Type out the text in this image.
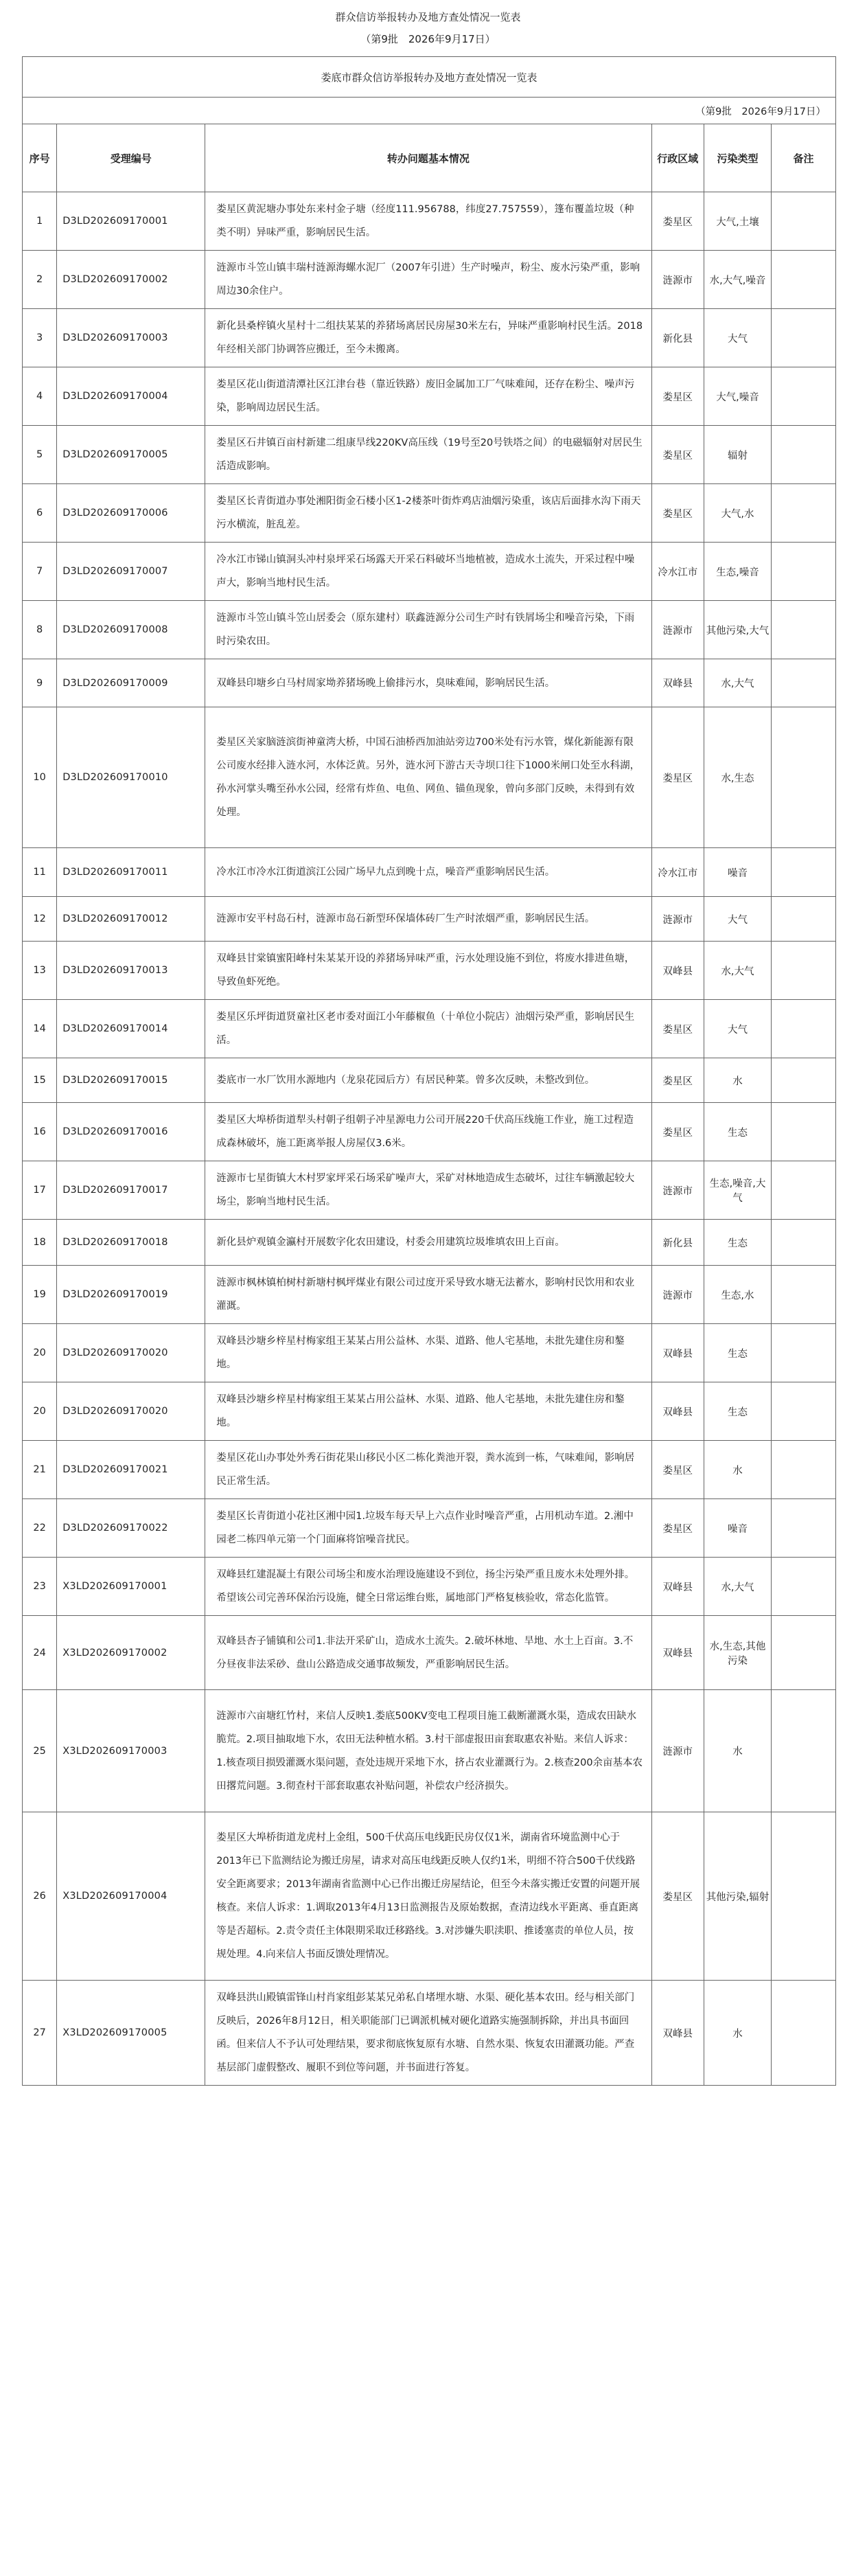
群众信访举报转办及地方查处情况一览表
（第9批　2026年9月17日）
娄底市群众信访举报转办及地方查处情况一览表					
（第9批　2026年9月17日）					
序号	受理编号	转办问题基本情况	行政区域	污染类型	备注
1	D3LD202609170001	娄星区黄泥塘办事处东来村金子塘（经度111.956788，纬度27.757559），篷布覆盖垃圾（种类不明）异味严重，影响居民生活。	娄星区	大气,土壤	
2	D3LD202609170002	涟源市斗笠山镇丰瑞村涟源海螺水泥厂（2007年引进）生产时噪声，粉尘、废水污染严重，影响周边30余住户。	涟源市	水,大气,噪音	
3	D3LD202609170003	新化县桑梓镇火星村十二组扶某某的养猪场离居民房屋30米左右，异味严重影响村民生活。2018年经相关部门协调答应搬迁，至今未搬离。	新化县	大气	
4	D3LD202609170004	娄星区花山街道清潭社区江津台巷（靠近铁路）废旧金属加工厂气味难闻，还存在粉尘、噪声污染，影响周边居民生活。	娄星区	大气,噪音	
5	D3LD202609170005	娄星区石井镇百亩村新建二组康旱线220KV高压线（19号至20号铁塔之间）的电磁辐射对居民生活造成影响。	娄星区	辐射	
6	D3LD202609170006	娄星区长青街道办事处湘阳街金石楼小区1-2楼茶叶街炸鸡店油烟污染重，该店后面排水沟下雨天污水横流，脏乱差。	娄星区	大气,水	
7	D3LD202609170007	冷水江市锑山镇洞头冲村泉坪采石场露天开采石料破坏当地植被，造成水土流失，开采过程中噪声大，影响当地村民生活。	冷水江市	生态,噪音	
8	D3LD202609170008	涟源市斗笠山镇斗笠山居委会（原东建村）联鑫涟源分公司生产时有铁屑场尘和噪音污染，下雨时污染农田。	涟源市	其他污染,大气	
9	D3LD202609170009	双峰县印塘乡白马村周家坳养猪场晚上偷排污水，臭味难闻，影响居民生活。	双峰县	水,大气	
10	D3LD202609170010	娄星区关家脑涟滨街神童湾大桥，中国石油桥西加油站旁边700米处有污水管，煤化新能源有限公司废水经排入涟水河，水体泛黄。另外，涟水河下游古天寺坝口往下1000米闸口处至水科湖，孙水河掌头嘴至孙水公园，经常有炸鱼、电鱼、网鱼、锚鱼现象，曾向多部门反映，未得到有效处理。	娄星区	水,生态	
11	D3LD202609170011	冷水江市冷水江街道滨江公园广场早九点到晚十点，噪音严重影响居民生活。	冷水江市	噪音	
12	D3LD202609170012	涟源市安平村岛石村，涟源市岛石新型环保墙体砖厂生产时浓烟严重，影响居民生活。	涟源市	大气	
13	D3LD202609170013	双峰县甘棠镇蜜阳峰村朱某某开设的养猪场异味严重，污水处理设施不到位，将废水排进鱼塘，导致鱼虾死绝。	双峰县	水,大气	
14	D3LD202609170014	娄星区乐坪街道贤童社区老市委对面江小年藤椒鱼（十单位小院店）油烟污染严重，影响居民生活。	娄星区	大气	
15	D3LD202609170015	娄底市一水厂饮用水源地内（龙泉花园后方）有居民种菜。曾多次反映，未整改到位。	娄星区	水	
16	D3LD202609170016	娄星区大埠桥街道犁头村朝子组朝子冲星源电力公司开展220千伏高压线施工作业，施工过程造成森林破坏，施工距离举报人房屋仅3.6米。	娄星区	生态	
17	D3LD202609170017	涟源市七星街镇大木村罗家坪采石场采矿噪声大，采矿对林地造成生态破坏，过往车辆激起较大场尘，影响当地村民生活。	涟源市	生态,噪音,大气	
18	D3LD202609170018	新化县炉观镇金瀛村开展数字化农田建设，村委会用建筑垃圾堆填农田上百亩。	新化县	生态	
19	D3LD202609170019	涟源市枫林镇柏树村新塘村枫坪煤业有限公司过度开采导致水塘无法蓄水，影响村民饮用和农业灌溉。	涟源市	生态,水	
20	D3LD202609170020	双峰县沙塘乡梓星村梅家组王某某占用公益林、水渠、道路、他人宅基地，未批先建住房和鏊地。	双峰县	生态	
20	D3LD202609170020	双峰县沙塘乡梓星村梅家组王某某占用公益林、水渠、道路、他人宅基地，未批先建住房和鏊地。	双峰县	生态	
21	D3LD202609170021	娄星区花山办事处外秀石街花果山移民小区二栋化粪池开裂，粪水流到一栋，气味难闻，影响居民正常生活。	娄星区	水	
22	D3LD202609170022	娄星区长青街道小花社区湘中园1.垃圾车每天早上六点作业时噪音严重，占用机动车道。2.湘中园老二栋四单元第一个门面麻将馆噪音扰民。	娄星区	噪音	
23	X3LD202609170001	双峰县红建混凝土有限公司场尘和废水治理设施建设不到位，扬尘污染严重且废水未处理外排。希望该公司完善环保治污设施，健全日常运维台账，属地部门严格复核验收，常态化监管。	双峰县	水,大气	
24	X3LD202609170002	双峰县杏子铺镇和公司1.非法开采矿山，造成水土流失。2.破坏林地、旱地、水土上百亩。3.不分昼夜非法采砂、盘山公路造成交通事故频发，严重影响居民生活。	双峰县	水,生态,其他污染	
25	X3LD202609170003	涟源市六亩塘红竹村，来信人反映1.娄底500KV变电工程项目施工截断灌溉水渠，造成农田缺水脆荒。2.项目抽取地下水，农田无法种植水稻。3.村干部虚报田亩套取惠农补贴。来信人诉求：1.核查项目损毁灌溉水渠问题，查处违规开采地下水，挤占农业灌溉行为。2.核查200余亩基本农田撂荒问题。3.彻查村干部套取惠农补贴问题，补偿农户经济损失。	涟源市	水	
26	X3LD202609170004	娄星区大埠桥街道龙虎村上金组，500千伏高压电线距民房仅仅1米，湖南省环境监测中心于2013年已下监测结论为搬迁房屋，请求对高压电线距反映人仅约1米，明细不符合500千伏线路安全距离要求；2013年湖南省监测中心已作出搬迁房屋结论，但至今未落实搬迁安置的问题开展核查。来信人诉求：1.调取2013年4月13日监测报告及原始数据，查清边线水平距离、垂直距离等是否超标。2.责令责任主体限期采取迁移路线。3.对涉嫌失职渎职、推诿塞责的单位人员，按规处理。4.向来信人书面反馈处理情况。	娄星区	其他污染,辐射	
27	X3LD202609170005	双峰县洪山殿镇雷锋山村肖家组彭某某兄弟私自堵埋水塘、水渠、硬化基本农田。经与相关部门反映后，2026年8月12日，相关职能部门已调派机械对硬化道路实施强制拆除，并出具书面回函。但来信人不予认可处理结果，要求彻底恢复原有水塘、自然水渠、恢复农田灌溉功能。严查基层部门虚假整改、履职不到位等问题，并书面进行答复。	双峰县	水	
